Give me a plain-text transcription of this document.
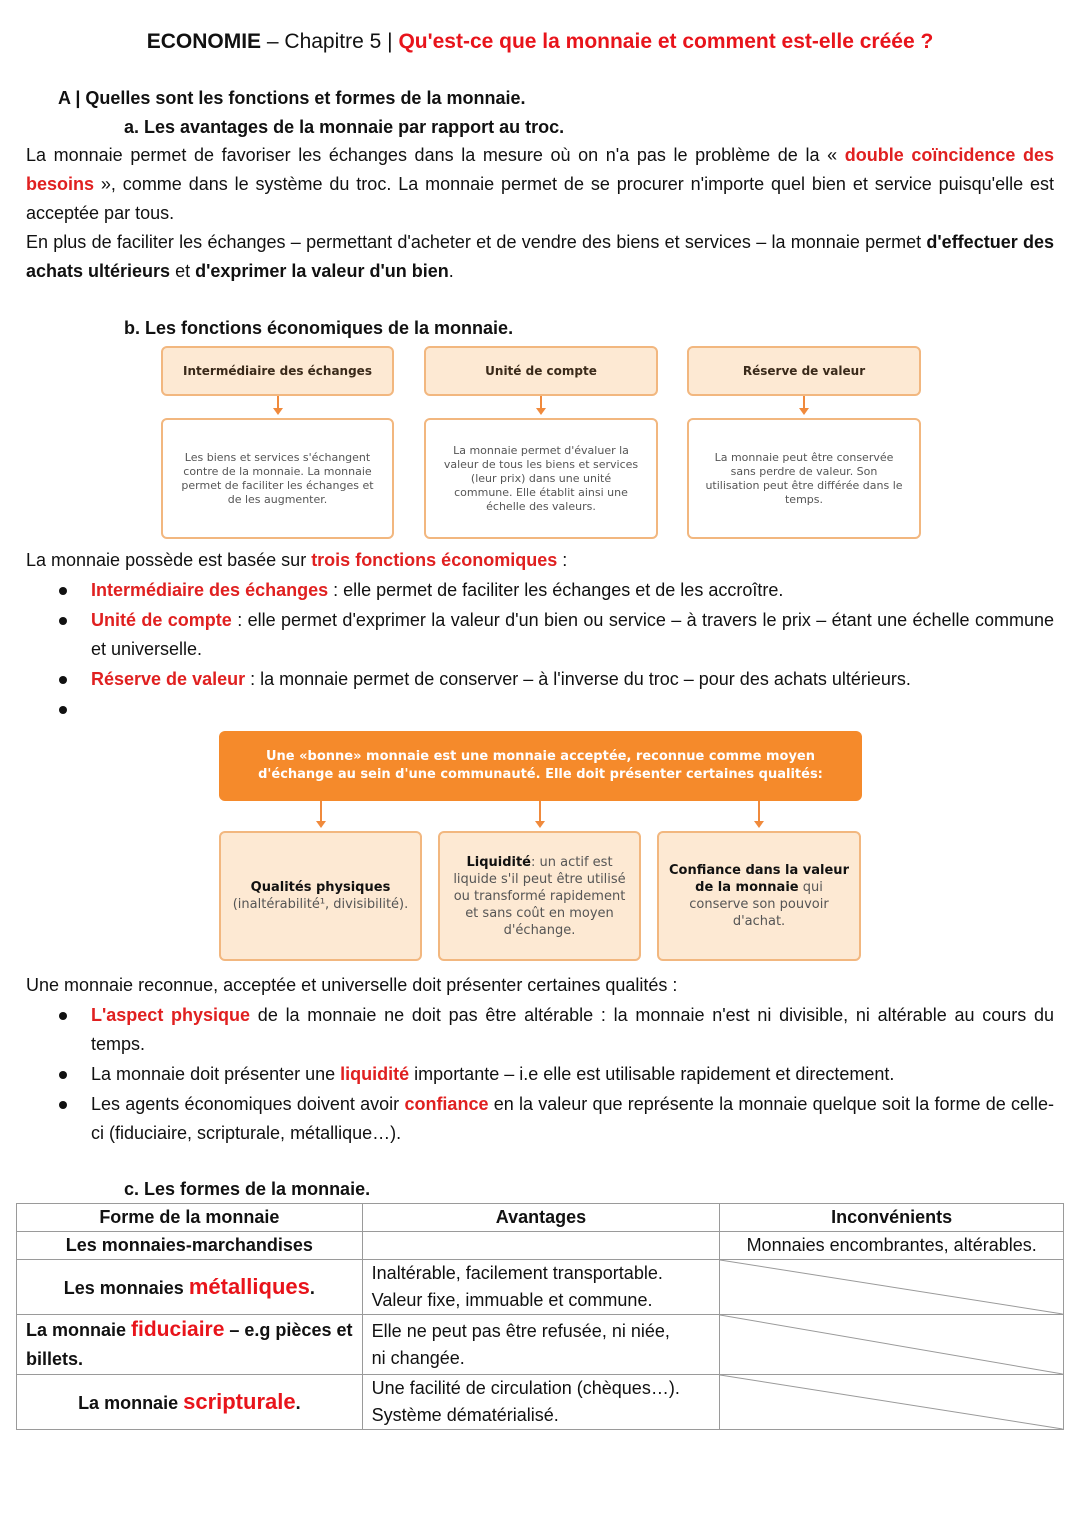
ECONOMIE – Chapitre 5 | Qu'est-ce que la monnaie et comment est-elle créée ?
A | Quelles sont les fonctions et formes de la monnaie.
a. Les avantages de la monnaie par rapport au troc.
La monnaie permet de favoriser les échanges dans la mesure où on n'a pas le problème de la « double coïncidence des besoins », comme dans le système du troc. La monnaie permet de se procurer n'importe quel bien et service puisqu'elle est acceptée par tous.
En plus de faciliter les échanges – permettant d'acheter et de vendre des biens et services – la monnaie permet d'effectuer des achats ultérieurs et d'exprimer la valeur d'un bien.
b. Les fonctions économiques de la monnaie.
Intermédiaire des échanges	Unité de compte	Réserve de valeur
Les biens et services s'échangent contre de la monnaie. La monnaie permet de faciliter les échanges et de les augmenter.
La monnaie permet d'évaluer la valeur de tous les biens et services (leur prix) dans une unité commune. Elle établit ainsi une échelle des valeurs.
La monnaie peut être conservée sans perdre de valeur. Son utilisation peut être différée dans le temps.
La monnaie possède est basée sur trois fonctions économiques :
Intermédiaire des échanges : elle permet de faciliter les échanges et de les accroître.
Unité de compte : elle permet d'exprimer la valeur d'un bien ou service – à travers le prix – étant une échelle commune et universelle.
Réserve de valeur : la monnaie permet de conserver – à l'inverse du troc – pour des achats ultérieurs.
Une «bonne» monnaie est une monnaie acceptée, reconnue comme moyen d'échange au sein d'une communauté. Elle doit présenter certaines qualités:
Qualités physiques
(inaltérabilité¹, divisibilité).
Liquidité: un actif est liquide s'il peut être utilisé ou transformé rapidement et sans coût en moyen d'échange.
Confiance dans la valeur de la monnaie qui conserve son pouvoir d'achat.
Une monnaie reconnue, acceptée et universelle doit présenter certaines qualités :
L'aspect physique de la monnaie ne doit pas être altérable : la monnaie n'est ni divisible, ni altérable au cours du temps.
La monnaie doit présenter une liquidité importante – i.e elle est utilisable rapidement et directement.
Les agents économiques doivent avoir confiance en la valeur que représente la monnaie quelque soit la forme de celle-ci (fiduciaire, scripturale, métallique…).
c. Les formes de la monnaie.
Forme de la monnaie	Avantages	Inconvénients
Les monnaies-marchandises		Monnaies encombrantes, altérables.
Les monnaies métalliques.	Inaltérable, facilement transportable.
Valeur fixe, immuable et commune.

La monnaie fiduciaire – e.g pièces et billets.	Elle ne peut pas être refusée, ni niée,
ni changée.

La monnaie scripturale.	Une facilité de circulation (chèques…).
Système dématérialisé.
